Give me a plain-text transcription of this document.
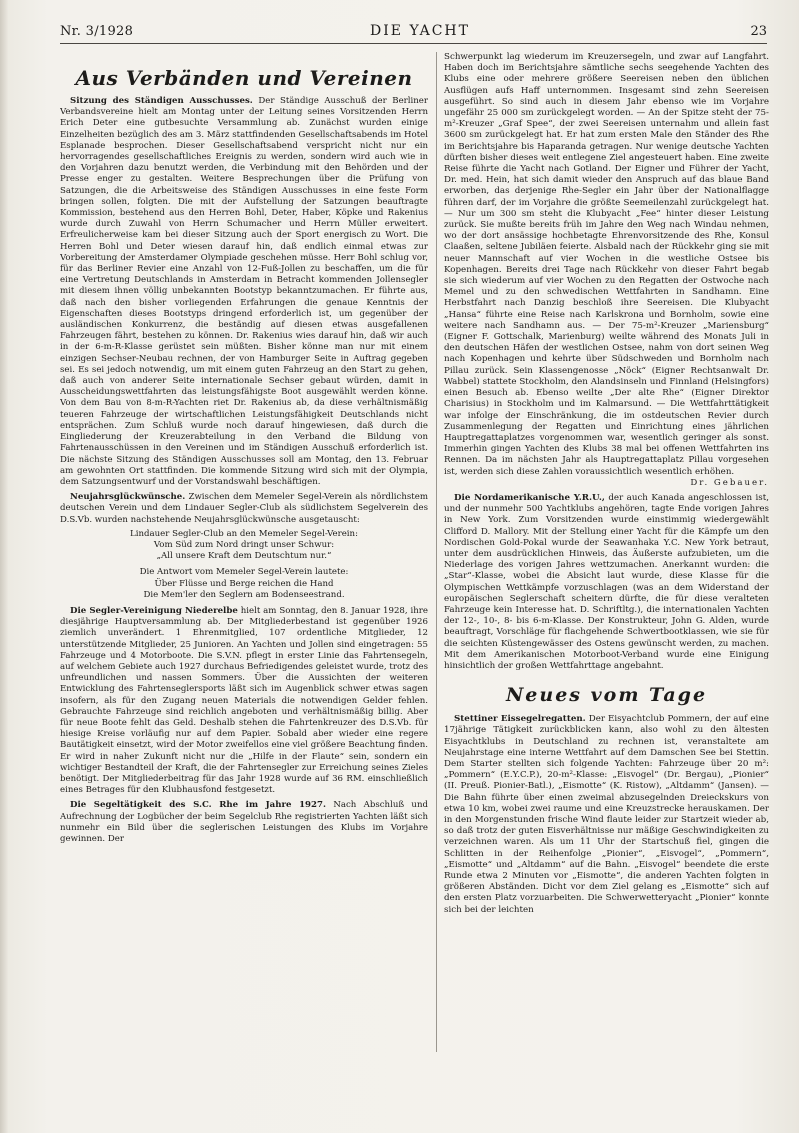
Nr. 3/1928	DIE YACHT	23
Aus Verbänden und Vereinen

Sitzung des Ständigen Ausschusses. Der Ständige Ausschuß der Berliner Verbandsvereine hielt am Montag unter der Leitung seines Vorsitzenden Herrn Erich Deter eine gutbesuchte Versammlung ab. Zunächst wurden einige Einzelheiten bezüglich des am 3. März stattfindenden Gesellschaftsabends im Hotel Esplanade besprochen. Dieser Gesellschaftsabend verspricht nicht nur ein hervorragendes gesellschaftliches Ereignis zu werden, sondern wird auch wie in den Vorjahren dazu benutzt werden, die Verbindung mit den Behörden und der Presse enger zu gestalten. Weitere Besprechungen über die Prüfung von Satzungen, die die Arbeitsweise des Ständigen Ausschusses in eine feste Form bringen sollen, folgten. Die mit der Aufstellung der Satzungen beauftragte Kommission, bestehend aus den Herren Bohl, Deter, Haber, Köpke und Rakenius wurde durch Zuwahl von Herrn Schumacher und Herrn Müller erweitert. Erfreulicherweise kam bei dieser Sitzung auch der Sport energisch zu Wort. Die Herren Bohl und Deter wiesen darauf hin, daß endlich einmal etwas zur Vorbereitung der Amsterdamer Olympiade geschehen müsse. Herr Bohl schlug vor, für das Berliner Revier eine Anzahl von 12-Fuß-Jollen zu beschaffen, um die für eine Vertretung Deutschlands in Amsterdam in Betracht kommenden Jollensegler mit diesem ihnen völlig unbekannten Bootstyp bekanntzumachen. Er führte aus, daß nach den bisher vorliegenden Erfahrungen die genaue Kenntnis der Eigenschaften dieses Bootstyps dringend erforderlich ist, um gegenüber der ausländischen Konkurrenz, die beständig auf diesen etwas ausgefallenen Fahrzeugen fährt, bestehen zu können. Dr. Rakenius wies darauf hin, daß wir auch in der 6-m-R-Klasse gerüstet sein müßten. Bisher könne man nur mit einem einzigen Sechser-Neubau rechnen, der von Hamburger Seite in Auftrag gegeben sei. Es sei jedoch notwendig, um mit einem guten Fahrzeug an den Start zu gehen, daß auch von anderer Seite internationale Sechser gebaut würden, damit in Ausscheidungswettfahrten das leistungsfähigste Boot ausgewählt werden könne. Von dem Bau von 8-m-R-Yachten riet Dr. Rakenius ab, da diese verhältnismäßig teueren Fahrzeuge der wirtschaftlichen Leistungsfähigkeit Deutschlands nicht entsprächen. Zum Schluß wurde noch darauf hingewiesen, daß durch die Eingliederung der Kreuzerabteilung in den Verband die Bildung von Fahrtenausschüssen in den Vereinen und im Ständigen Ausschuß erforderlich ist. Die nächste Sitzung des Ständigen Ausschusses soll am Montag, den 13. Februar am gewohnten Ort stattfinden. Die kommende Sitzung wird sich mit der Olympia, dem Satzungsentwurf und der Vorstandswahl beschäftigen.

Neujahrsglückwünsche. Zwischen dem Memeler Segel-Verein als nördlichstem deutschen Verein und dem Lindauer Segler-Club als südlichstem Segelverein des D.S.Vb. wurden nachstehende Neujahrsglückwünsche ausgetauscht:

Lindauer Segler-Club an den Memeler Segel-Verein:
Vom Süd zum Nord dringt unser Schwur:
„All unsere Kraft dem Deutschtum nur.“
Die Antwort vom Memeler Segel-Verein lautete:
Über Flüsse und Berge reichen die Hand
Die Mem'ler den Seglern am Bodenseestrand.

Die Segler-Vereinigung Niederelbe hielt am Sonntag, den 8. Januar 1928, ihre diesjährige Hauptversammlung ab. Der Mitgliederbestand ist gegenüber 1926 ziemlich unverändert. 1 Ehrenmitglied, 107 ordentliche Mitglieder, 12 unterstützende Mitglieder, 25 Junioren. An Yachten und Jollen sind eingetragen: 55 Fahrzeuge und 4 Motorboote. Die S.V.N. pflegt in erster Linie das Fahrtensegeln, auf welchem Gebiete auch 1927 durchaus Befriedigendes geleistet wurde, trotz des unfreundlichen und nassen Sommers. Über die Aussichten der weiteren Entwicklung des Fahrtenseglersports läßt sich im Augenblick schwer etwas sagen insofern, als für den Zugang neuen Materials die notwendigen Gelder fehlen. Gebrauchte Fahrzeuge sind reichlich angeboten und verhältnismäßig billig. Aber für neue Boote fehlt das Geld. Deshalb stehen die Fahrtenkreuzer des D.S.Vb. für hiesige Kreise vorläufig nur auf dem Papier. Sobald aber wieder eine regere Bautätigkeit einsetzt, wird der Motor zweifellos eine viel größere Beachtung finden. Er wird in naher Zukunft nicht nur die „Hilfe in der Flaute“ sein, sondern ein wichtiger Bestandteil der Kraft, die der Fahrtensegler zur Erreichung seines Zieles benötigt. Der Mitgliederbeitrag für das Jahr 1928 wurde auf 36 RM. einschließlich eines Betrages für den Klubhausfond festgesetzt.

Die Segeltätigkeit des S.C. Rhe im Jahre 1927. Nach Abschluß und Aufrechnung der Logbücher der beim Segelclub Rhe registrierten Yachten läßt sich nunmehr ein Bild über die seglerischen Leistungen des Klubs im Vorjahre gewinnen. Der

Schwerpunkt lag wiederum im Kreuzersegeln, und zwar auf Langfahrt. Haben doch im Berichtsjahre sämtliche sechs seegehende Yachten des Klubs eine oder mehrere größere Seereisen neben den üblichen Ausflügen aufs Haff unternommen. Insgesamt sind zehn Seereisen ausgeführt. So sind auch in diesem Jahr ebenso wie im Vorjahre ungefähr 25 000 sm zurückgelegt worden. — An der Spitze steht der 75-m²-Kreuzer „Graf Spee“, der zwei Seereisen unternahm und allein fast 3600 sm zurückgelegt hat. Er hat zum ersten Male den Ständer des Rhe im Berichtsjahre bis Haparanda getragen. Nur wenige deutsche Yachten dürften bisher dieses weit entlegene Ziel angesteuert haben. Eine zweite Reise führte die Yacht nach Gotland. Der Eigner und Führer der Yacht, Dr. med. Hein, hat sich damit wieder den Anspruch auf das blaue Band erworben, das derjenige Rhe-Segler ein Jahr über der Nationalflagge führen darf, der im Vorjahre die größte Seemeilenzahl zurückgelegt hat. — Nur um 300 sm steht die Klubyacht „Fee“ hinter dieser Leistung zurück. Sie mußte bereits früh im Jahre den Weg nach Windau nehmen, wo der dort ansässige hochbetagte Ehrenvorsitzende des Rhe, Konsul Claaßen, seltene Jubiläen feierte. Alsbald nach der Rückkehr ging sie mit neuer Mannschaft auf vier Wochen in die westliche Ostsee bis Kopenhagen. Bereits drei Tage nach Rückkehr von dieser Fahrt begab sie sich wiederum auf vier Wochen zu den Regatten der Ostwoche nach Memel und zu den schwedischen Wettfahrten in Sandhamn. Eine Herbstfahrt nach Danzig beschloß ihre Seereisen. Die Klubyacht „Hansa“ führte eine Reise nach Karlskrona und Bornholm, sowie eine weitere nach Sandhamn aus. — Der 75-m²-Kreuzer „Mariensburg“ (Eigner F. Gottschalk, Marienburg) weilte während des Monats Juli in den deutschen Häfen der westlichen Ostsee, nahm von dort seinen Weg nach Kopenhagen und kehrte über Südschweden und Bornholm nach Pillau zurück. Sein Klassengenosse „Nöck“ (Eigner Rechtsanwalt Dr. Wabbel) stattete Stockholm, den Alandsinseln und Finnland (Helsingfors) einen Besuch ab. Ebenso weilte „Der alte Rhe“ (Eigner Direktor Charisius) in Stockholm und im Kalmarsund. — Die Wettfahrttätigkeit war infolge der Einschränkung, die im ostdeutschen Revier durch Zusammenlegung der Regatten und Einrichtung eines jährlichen Hauptregattaplatzes vorgenommen war, wesentlich geringer als sonst. Immerhin gingen Yachten des Klubs 38 mal bei offenen Wettfahrten ins Rennen. Da im nächsten Jahr als Hauptregattaplatz Pillau vorgesehen ist, werden sich diese Zahlen voraussichtlich wesentlich erhöhen.

Dr. Gebauer.

Die Nordamerikanische Y.R.U., der auch Kanada angeschlossen ist, und der nunmehr 500 Yachtklubs angehören, tagte Ende vorigen Jahres in New York. Zum Vorsitzenden wurde einstimmig wiedergewählt Clifford D. Mallory. Mit der Stellung einer Yacht für die Kämpfe um den Nordischen Gold-Pokal wurde der Seawanhaka Y.C. New York betraut, unter dem ausdrücklichen Hinweis, das Äußerste aufzubieten, um die Niederlage des vorigen Jahres wettzumachen. Anerkannt wurden: die „Star“-Klasse, wobei die Absicht laut wurde, diese Klasse für die Olympischen Wettkämpfe vorzuschlagen (was an dem Widerstand der europäischen Seglerschaft scheitern dürfte, die für diese veralteten Fahrzeuge kein Interesse hat. D. Schriftltg.), die internationalen Yachten der 12-, 10-, 8- bis 6-m-Klasse. Der Konstrukteur, John G. Alden, wurde beauftragt, Vorschläge für flachgehende Schwertbootklassen, wie sie für die seichten Küstengewässer des Ostens gewünscht werden, zu machen. Mit dem Amerikanischen Motorboot-Verband wurde eine Einigung hinsichtlich der großen Wettfahrttage angebahnt.

Neues vom Tage

Stettiner Eissegelregatten. Der Eisyachtclub Pommern, der auf eine 17jährige Tätigkeit zurückblicken kann, also wohl zu den ältesten Eisyachtklubs in Deutschland zu rechnen ist, veranstaltete am Neujahrstage eine interne Wettfahrt auf dem Damschen See bei Stettin. Dem Starter stellten sich folgende Yachten: Fahrzeuge über 20 m²: „Pommern“ (E.Y.C.P.), 20-m²-Klasse: „Eisvogel“ (Dr. Bergau), „Pionier“ (II. Preuß. Pionier-Batl.), „Eismotte“ (K. Ristow), „Altdamm“ (Jansen). — Die Bahn führte über einen zweimal abzusegelnden Dreieckskurs von etwa 10 km, wobei zwei raume und eine Kreuzstrecke herauskamen. Der in den Morgenstunden frische Wind flaute leider zur Startzeit wieder ab, so daß trotz der guten Eisverhältnisse nur mäßige Geschwindigkeiten zu verzeichnen waren. Als um 11 Uhr der Startschuß fiel, gingen die Schlitten in der Reihenfolge „Pionier“, „Eisvogel“, „Pommern“, „Eismotte“ und „Altdamm“ auf die Bahn. „Eisvogel“ beendete die erste Runde etwa 2 Minuten vor „Eismotte“, die anderen Yachten folgten in größeren Abständen. Dicht vor dem Ziel gelang es „Eismotte“ sich auf den ersten Platz vorzuarbeiten. Die Schwerwetteryacht „Pionier“ konnte sich bei der leichten
